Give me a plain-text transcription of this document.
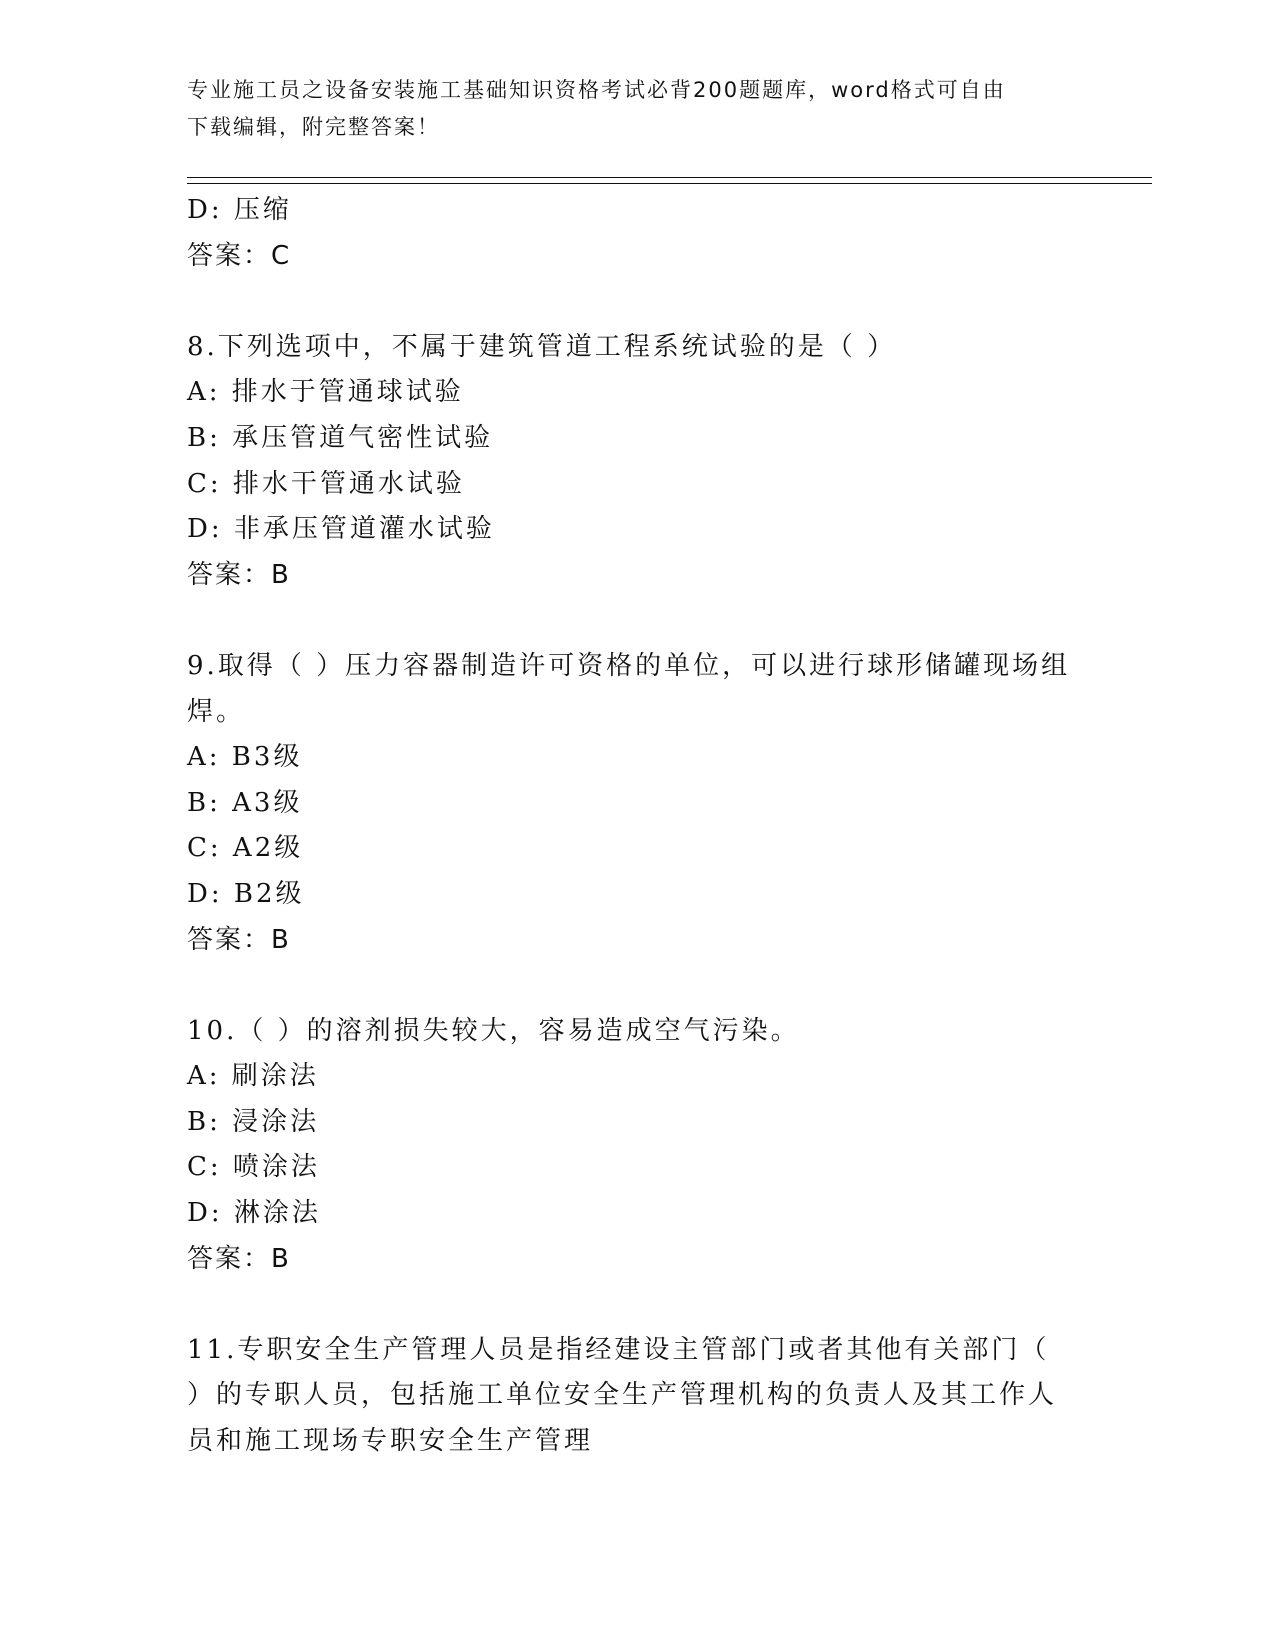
专业施工员之设备安装施工基础知识资格考试必背200题题库，word格式可自由
下载编辑，附完整答案！
D: 压缩
答案：C
8.下列选项中，不属于建筑管道工程系统试验的是（ ）
A: 排水于管通球试验
B: 承压管道气密性试验
C: 排水干管通水试验
D: 非承压管道灌水试验
答案：B
9.取得（ ）压力容器制造许可资格的单位，可以进行球形储罐现场组
焊。
A: B3级
B: A3级
C: A2级
D: B2级
答案：B
10.（ ）的溶剂损失较大，容易造成空气污染。
A: 刷涂法
B: 浸涂法
C: 喷涂法
D: 淋涂法
答案：B
11.专职安全生产管理人员是指经建设主管部门或者其他有关部门（
）的专职人员，包括施工单位安全生产管理机构的负责人及其工作人
员和施工现场专职安全生产管理
